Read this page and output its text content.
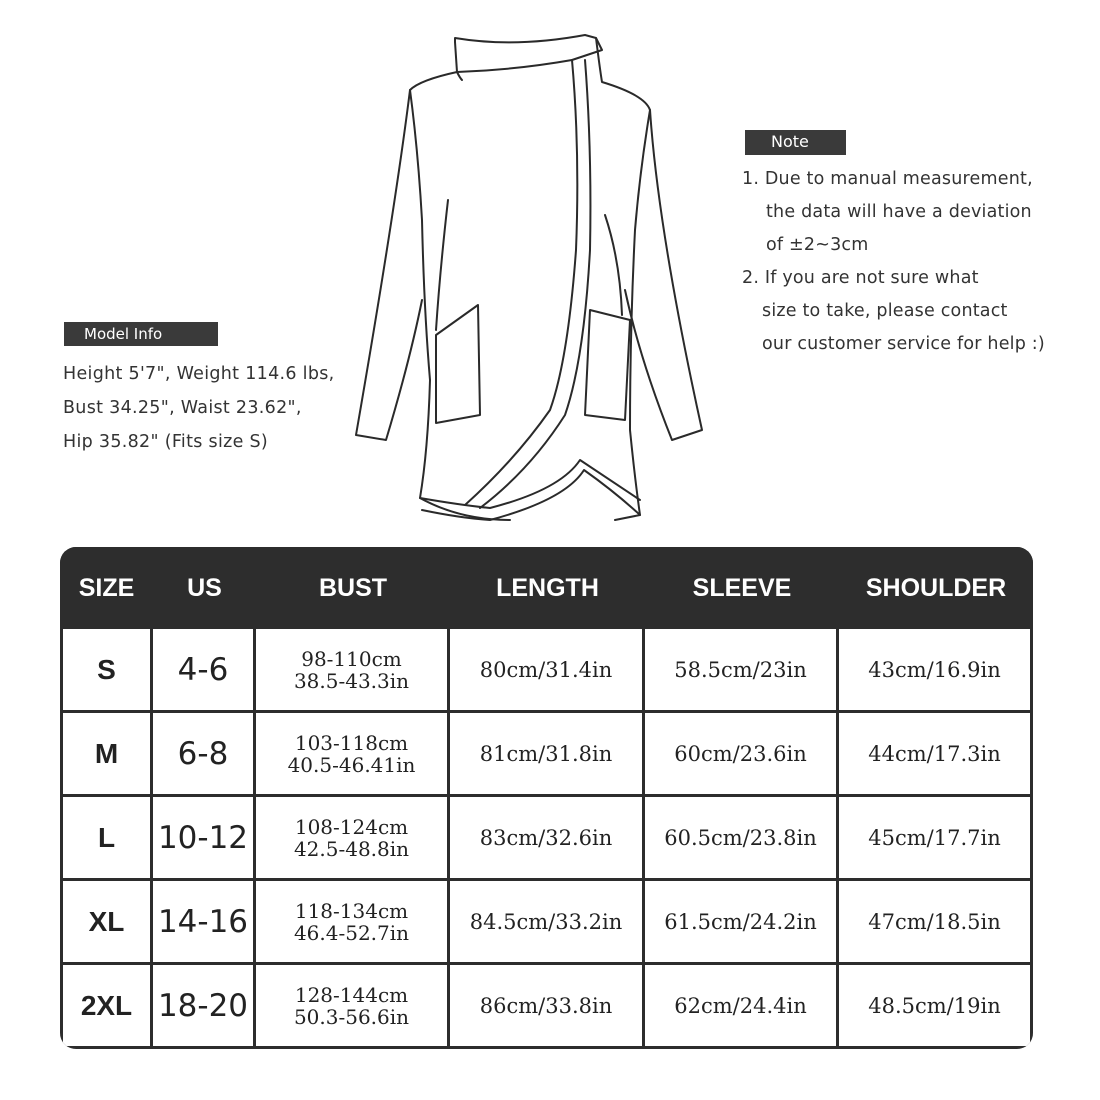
Model Info
Height 5'7", Weight 114.6 lbs,
Bust 34.25", Waist 23.62",
Hip 35.82" (Fits size S)
Note
1. Due to manual measurement,
the data will have a deviation
of ±2~3cm
2. If you are not sure what
size to take, please contact
our customer service for help :)
SIZE	US	BUST	LENGTH	SLEEVE	SHOULDER
S	4-6	98-110cm
38.5-43.3in	80cm/31.4in	58.5cm/23in	43cm/16.9in
M	6-8	103-118cm
40.5-46.41in	81cm/31.8in	60cm/23.6in	44cm/17.3in
L	10-12	108-124cm
42.5-48.8in	83cm/32.6in	60.5cm/23.8in	45cm/17.7in
XL	14-16	118-134cm
46.4-52.7in	84.5cm/33.2in	61.5cm/24.2in	47cm/18.5in
2XL	18-20	128-144cm
50.3-56.6in	86cm/33.8in	62cm/24.4in	48.5cm/19in
